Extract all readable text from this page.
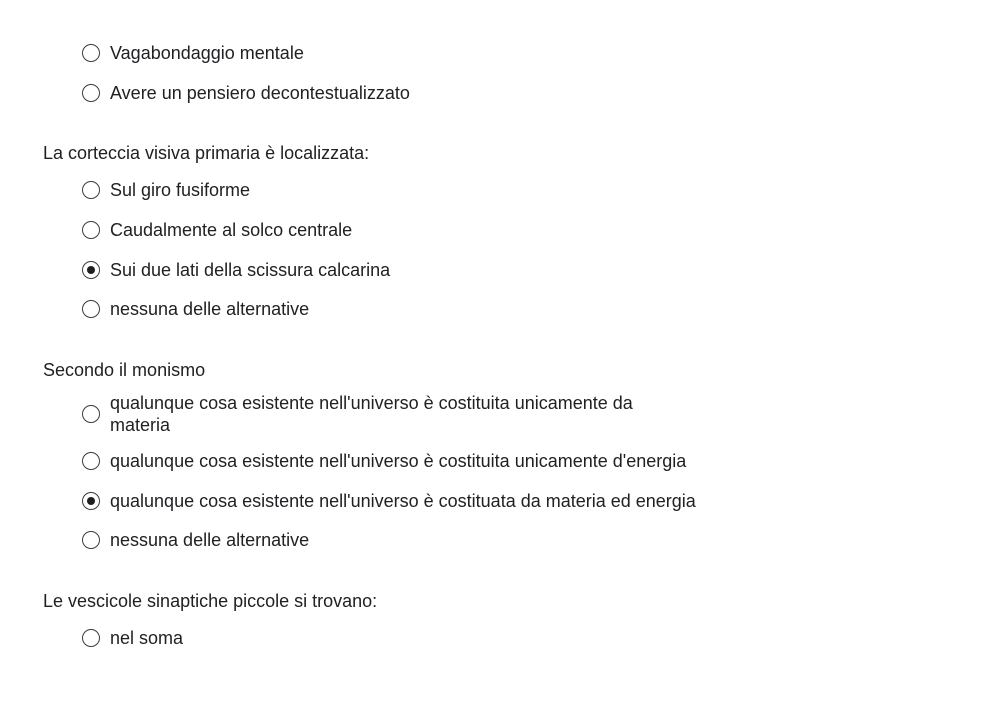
Vagabondaggio mentale
Avere un pensiero decontestualizzato
La corteccia visiva primaria è localizzata:
Sul giro fusiforme
Caudalmente al solco centrale
Sui due lati della scissura calcarina
nessuna delle alternative
Secondo il monismo
qualunque cosa esistente nell'universo è costituita unicamente da materia
qualunque cosa esistente nell'universo è costituita unicamente d'energia
qualunque cosa esistente nell'universo è costituata da materia ed energia
nessuna delle alternative
Le vescicole sinaptiche piccole si trovano:
nel soma
